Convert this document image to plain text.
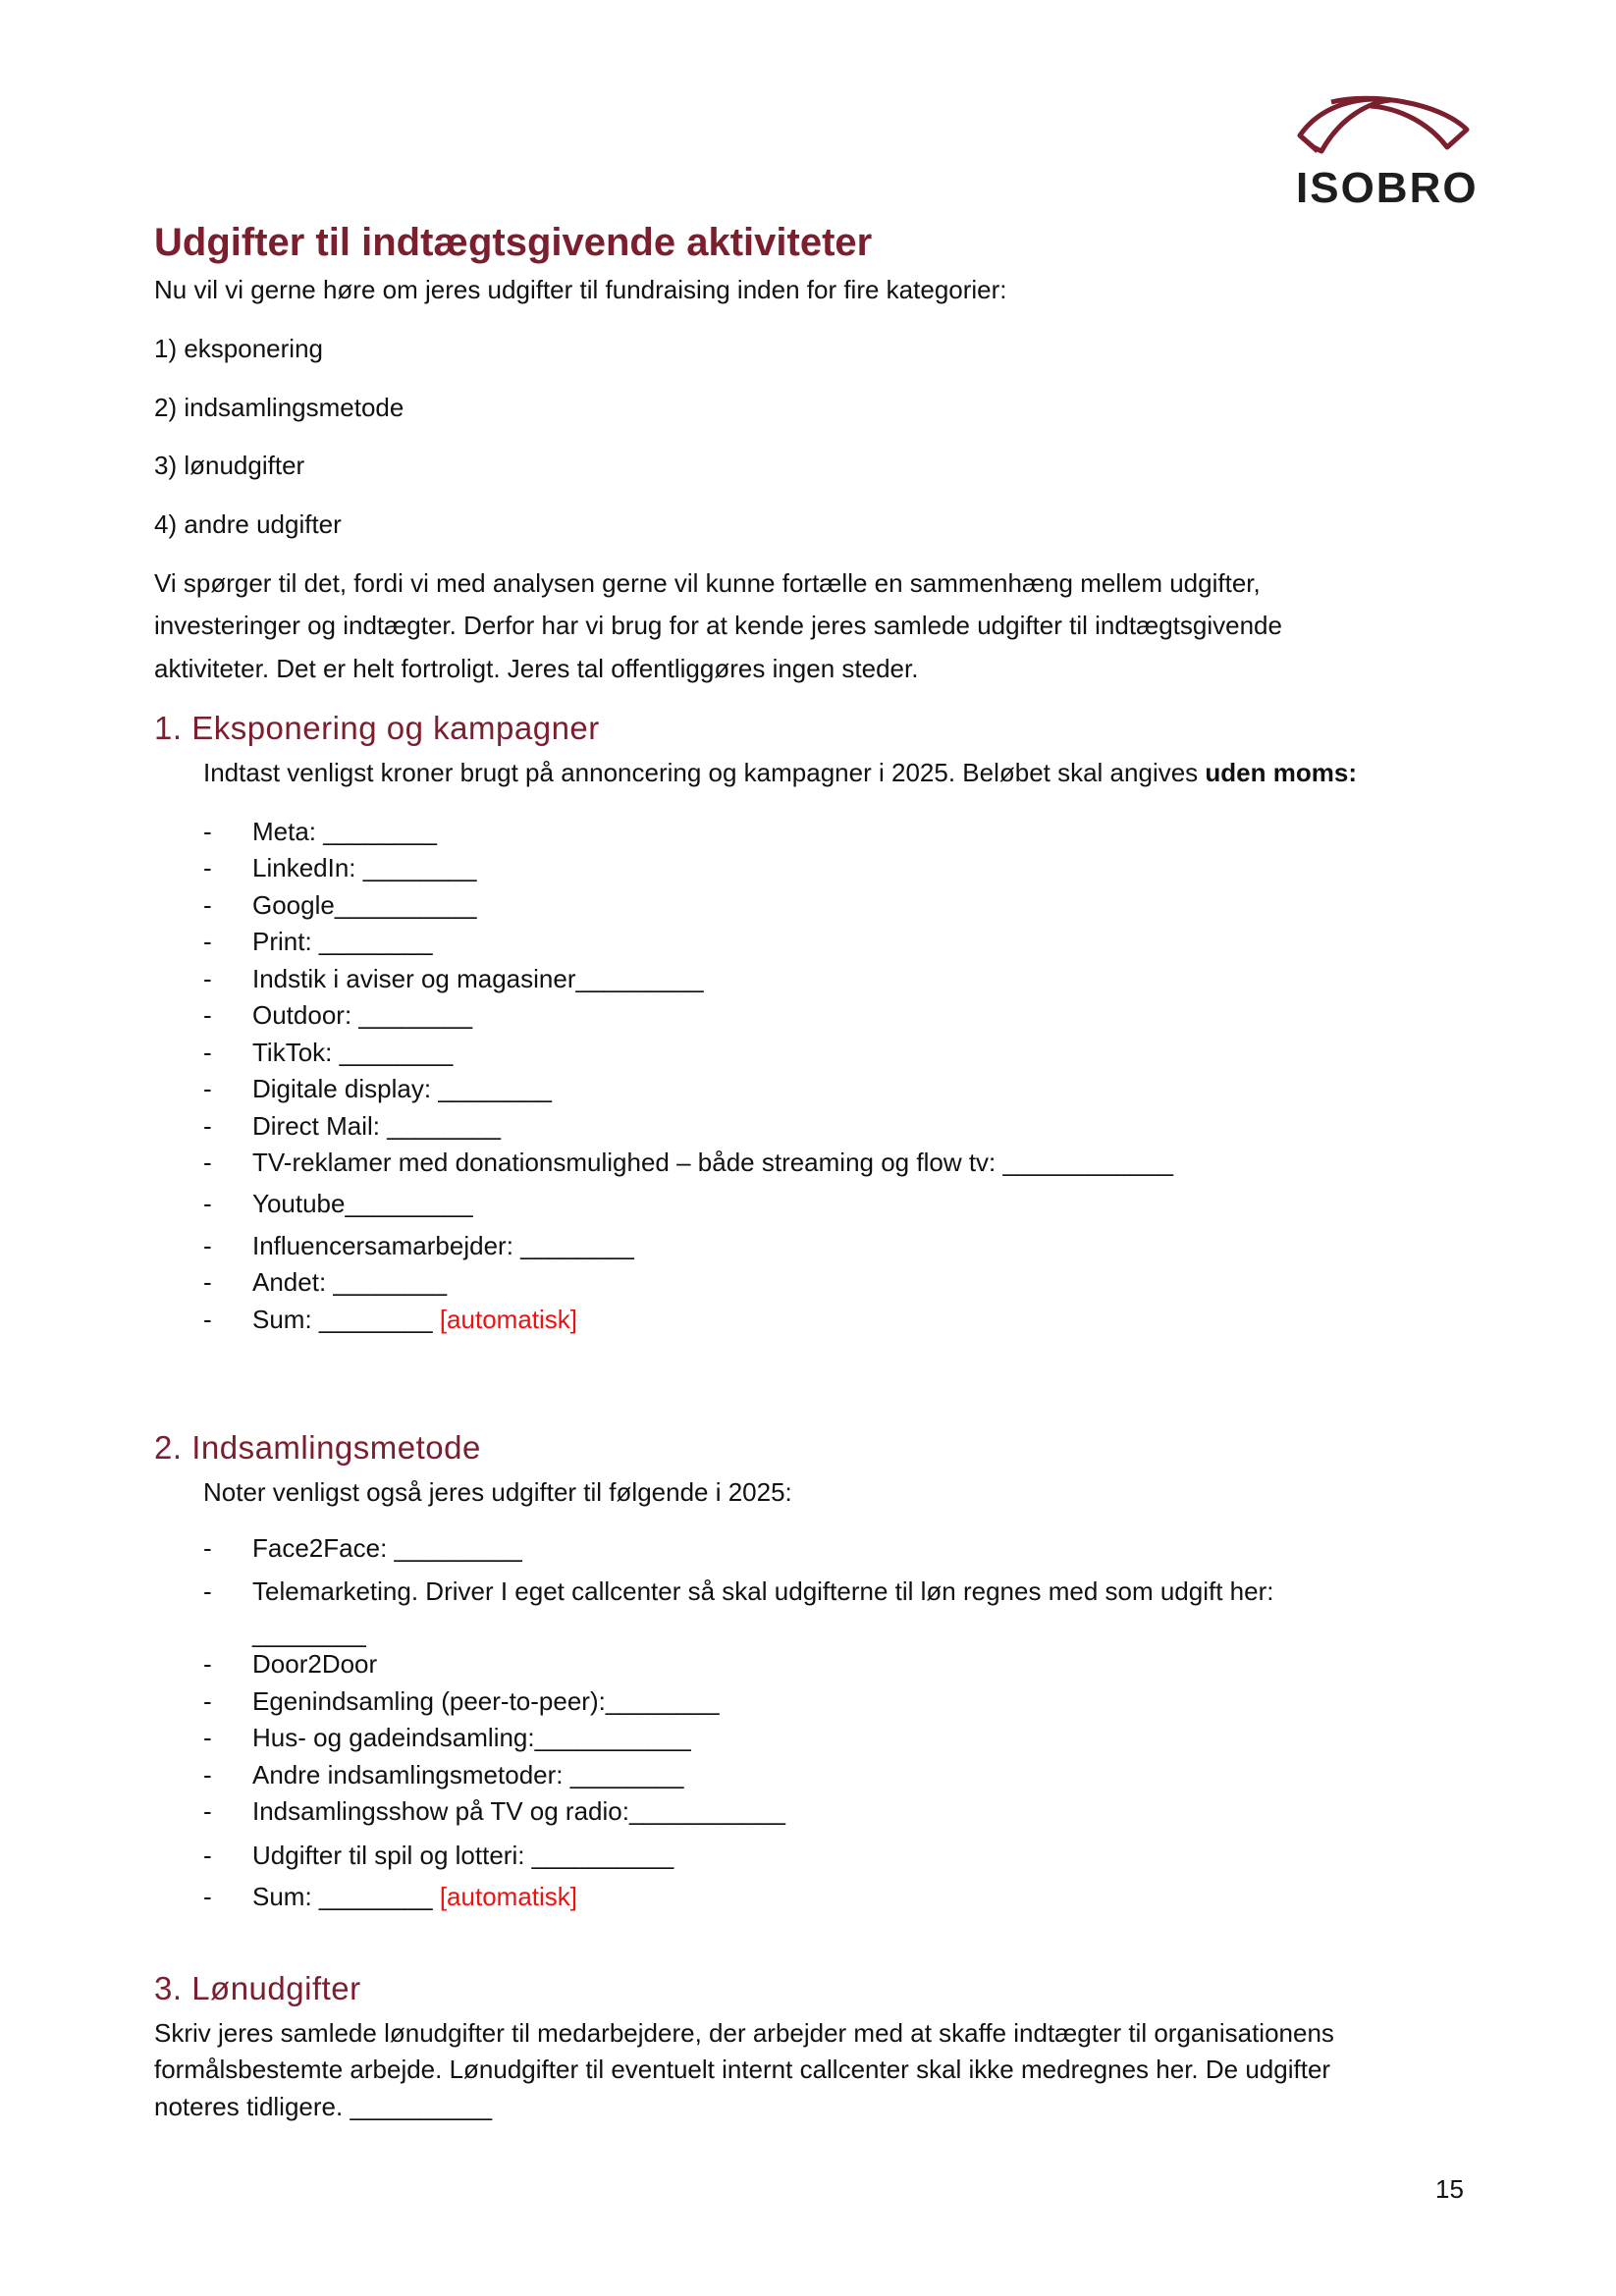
ISOBRO
Udgifter til indtægtsgivende aktiviteter
Nu vil vi gerne høre om jeres udgifter til fundraising inden for fire kategorier:
1) eksponering
2) indsamlingsmetode
3) lønudgifter
4) andre udgifter
Vi spørger til det, fordi vi med analysen gerne vil kunne fortælle en sammenhæng mellem udgifter,
investeringer og indtægter. Derfor har vi brug for at kende jeres samlede udgifter til indtægtsgivende
aktiviteter. Det er helt fortroligt. Jeres tal offentliggøres ingen steder.
1. Eksponering og kampagner
Indtast venligst kroner brugt på annoncering og kampagner i 2025. Beløbet skal angives uden moms:
- Meta: ________
- LinkedIn: ________
- Google__________
- Print: ________
- Indstik i aviser og magasiner_________
- Outdoor: ________
- TikTok: ________
- Digitale display: ________
- Direct Mail: ________
- TV-reklamer med donationsmulighed – både streaming og flow tv: ____________
- Youtube_________
- Influencersamarbejder: ________
- Andet: ________
- Sum: ________ [automatisk]
2. Indsamlingsmetode
Noter venligst også jeres udgifter til følgende i 2025:
- Face2Face: _________
- Telemarketing. Driver I eget callcenter så skal udgifterne til løn regnes med som udgift her:
________
- Door2Door
- Egenindsamling (peer-to-peer):________
- Hus- og gadeindsamling:___________
- Andre indsamlingsmetoder: ________
- Indsamlingsshow på TV og radio:___________
- Udgifter til spil og lotteri: __________
- Sum: ________ [automatisk]
3. Lønudgifter
Skriv jeres samlede lønudgifter til medarbejdere, der arbejder med at skaffe indtægter til organisationens
formålsbestemte arbejde. Lønudgifter til eventuelt internt callcenter skal ikke medregnes her. De udgifter
noteres tidligere. __________
15
